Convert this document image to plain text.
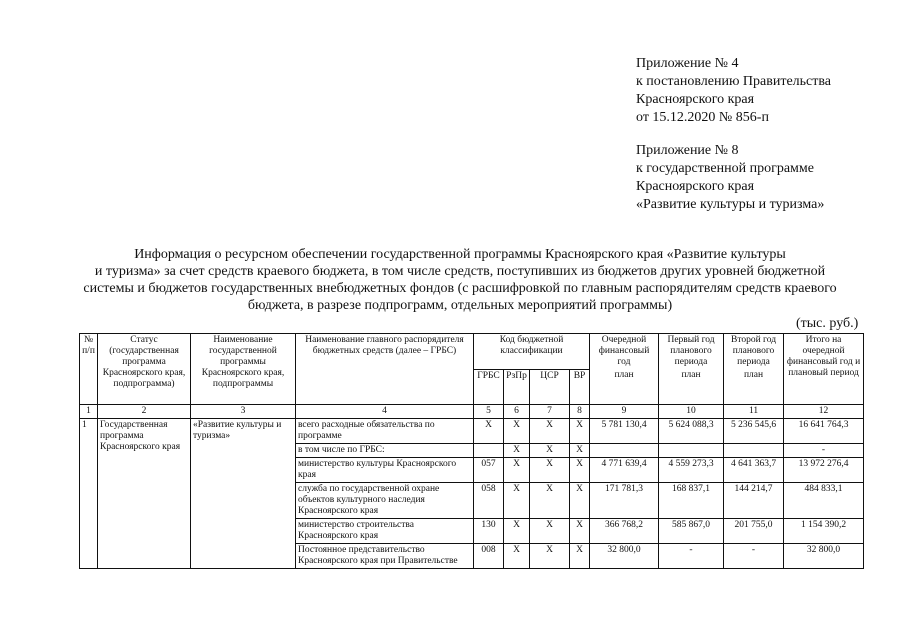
Приложение № 4
к постановлению Правительства
Красноярского края
от 15.12.2020 № 856-п
Приложение № 8
к государственной программе
Красноярского края
«Развитие культуры и туризма»
Информация о ресурсном обеспечении государственной программы Красноярского края «Развитие культуры
и туризма» за счет средств краевого бюджета, в том числе средств, поступивших из бюджетов других уровней бюджетной
системы и бюджетов государственных внебюджетных фондов (с расшифровкой по главным распорядителям средств краевого
бюджета, в разрезе подпрограмм, отдельных мероприятий программы)
(тыс. руб.)
№ п/п	Статус (государственная программа Красноярского края, подпрограмма)	Наименование государственной программы Красноярского края, подпрограммы	Наименование главного распорядителя бюджетных средств (далее – ГРБС)	Код бюджетной классификации				Очередной финансовый год	Первый год планового периода	Второй год планового периода	Итого на очередной финансовый год и плановый период
				ГРБС	РзПр	ЦСР	ВР	план	план	план	
1	2	3	4	5	6	7	8	9	10	11	12
1	Государственная программа Красноярского края	«Развитие культуры и туризма»	всего расходные обязательства по программе	X	X	X	X	5 781 130,4	5 624 088,3	5 236 545,6	16 641 764,3
			в том числе по ГРБС:		X	X	X				-
			министерство культуры Красноярского края	057	X	X	X	4 771 639,4	4 559 273,3	4 641 363,7	13 972 276,4
			служба по государственной охране объектов культурного наследия Красноярского края	058	X	X	X	171 781,3	168 837,1	144 214,7	484 833,1
			министерство строительства Красноярского края	130	X	X	X	366 768,2	585 867,0	201 755,0	1 154 390,2
			Постоянное представительство Красноярского края при Правительстве	008	X	X	X	32 800,0	-	-	32 800,0
